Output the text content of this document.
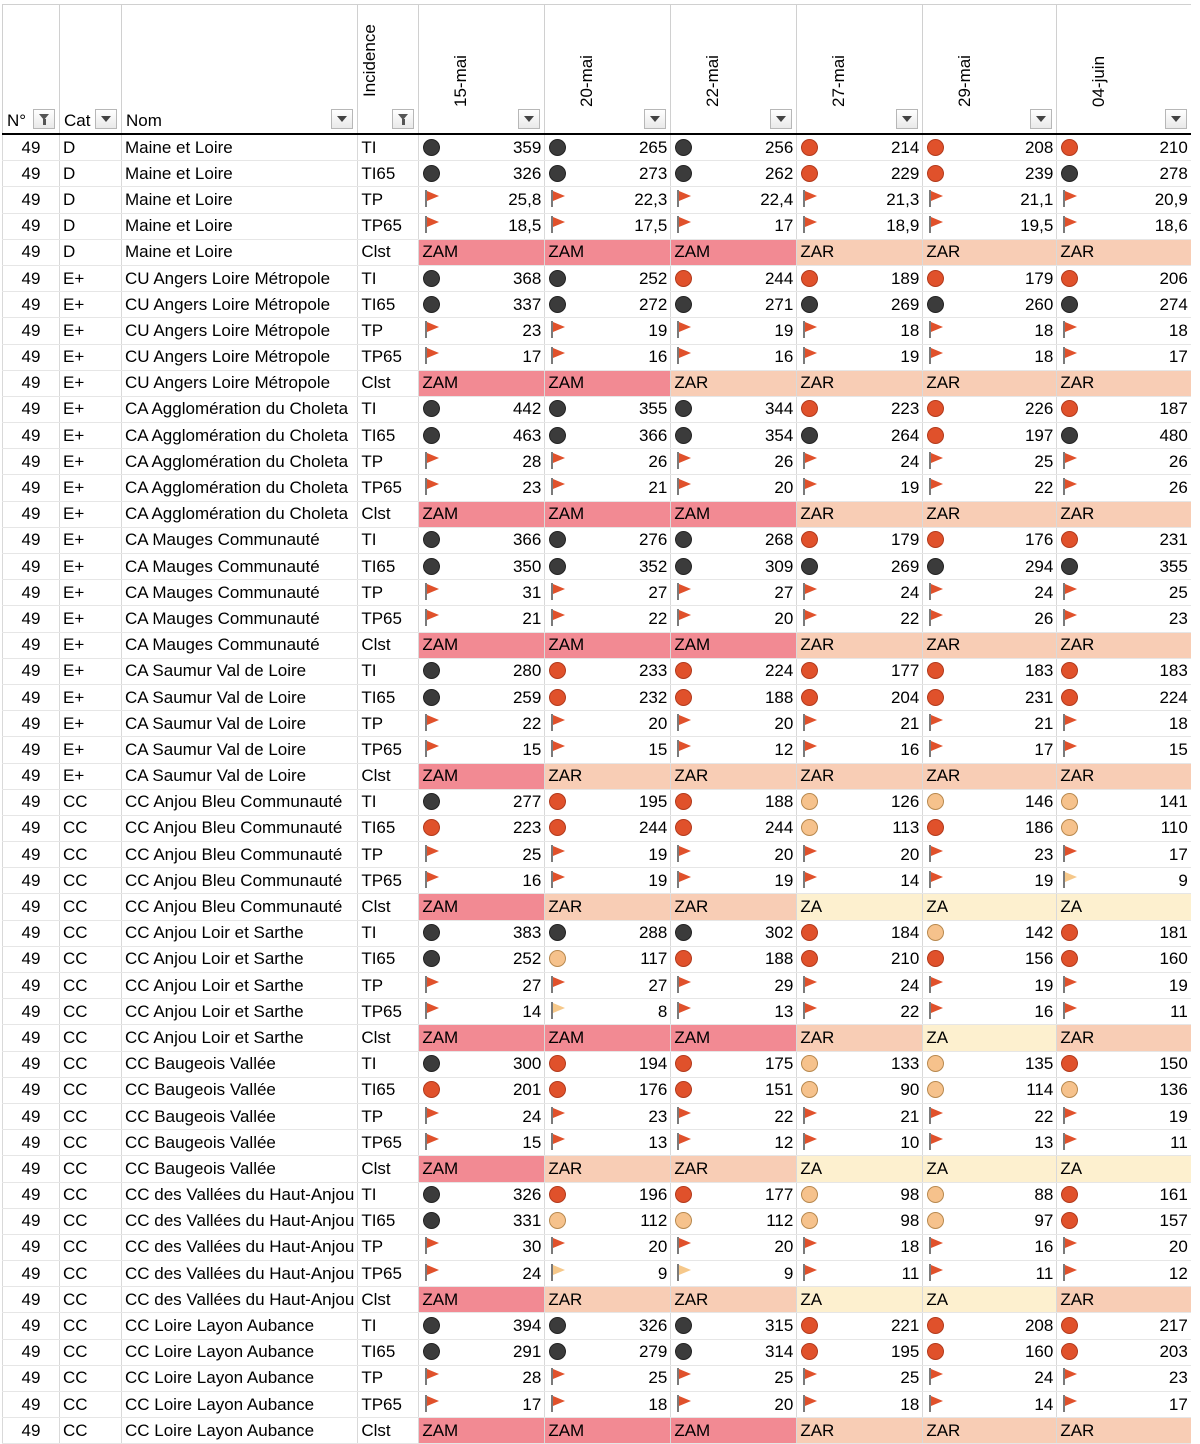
N°	Cat	Nom	Incidence	15-mai	20-mai	22-mai	27-mai	29-mai	04-juin

49	D	Maine et Loire	TI	359	265	256	214	208	210
49	D	Maine et Loire	TI65	326	273	262	229	239	278
49	D	Maine et Loire	TP	25,8	22,3	22,4	21,3	21,1	20,9
49	D	Maine et Loire	TP65	18,5	17,5	17	18,9	19,5	18,6
49	D	Maine et Loire	Clst	ZAM	ZAM	ZAM	ZAR	ZAR	ZAR
49	E+	CU Angers Loire Métropole	TI	368	252	244	189	179	206
49	E+	CU Angers Loire Métropole	TI65	337	272	271	269	260	274
49	E+	CU Angers Loire Métropole	TP	23	19	19	18	18	18
49	E+	CU Angers Loire Métropole	TP65	17	16	16	19	18	17
49	E+	CU Angers Loire Métropole	Clst	ZAM	ZAM	ZAR	ZAR	ZAR	ZAR
49	E+	CA Agglomération du Choleta	TI	442	355	344	223	226	187
49	E+	CA Agglomération du Choleta	TI65	463	366	354	264	197	480
49	E+	CA Agglomération du Choleta	TP	28	26	26	24	25	26
49	E+	CA Agglomération du Choleta	TP65	23	21	20	19	22	26
49	E+	CA Agglomération du Choleta	Clst	ZAM	ZAM	ZAM	ZAR	ZAR	ZAR
49	E+	CA Mauges Communauté	TI	366	276	268	179	176	231
49	E+	CA Mauges Communauté	TI65	350	352	309	269	294	355
49	E+	CA Mauges Communauté	TP	31	27	27	24	24	25
49	E+	CA Mauges Communauté	TP65	21	22	20	22	26	23
49	E+	CA Mauges Communauté	Clst	ZAM	ZAM	ZAM	ZAR	ZAR	ZAR
49	E+	CA Saumur Val de Loire	TI	280	233	224	177	183	183
49	E+	CA Saumur Val de Loire	TI65	259	232	188	204	231	224
49	E+	CA Saumur Val de Loire	TP	22	20	20	21	21	18
49	E+	CA Saumur Val de Loire	TP65	15	15	12	16	17	15
49	E+	CA Saumur Val de Loire	Clst	ZAM	ZAR	ZAR	ZAR	ZAR	ZAR
49	CC	CC Anjou Bleu Communauté	TI	277	195	188	126	146	141
49	CC	CC Anjou Bleu Communauté	TI65	223	244	244	113	186	110
49	CC	CC Anjou Bleu Communauté	TP	25	19	20	20	23	17
49	CC	CC Anjou Bleu Communauté	TP65	16	19	19	14	19	9
49	CC	CC Anjou Bleu Communauté	Clst	ZAM	ZAR	ZAR	ZA	ZA	ZA
49	CC	CC Anjou Loir et Sarthe	TI	383	288	302	184	142	181
49	CC	CC Anjou Loir et Sarthe	TI65	252	117	188	210	156	160
49	CC	CC Anjou Loir et Sarthe	TP	27	27	29	24	19	19
49	CC	CC Anjou Loir et Sarthe	TP65	14	8	13	22	16	11
49	CC	CC Anjou Loir et Sarthe	Clst	ZAM	ZAM	ZAM	ZAR	ZA	ZAR
49	CC	CC Baugeois Vallée	TI	300	194	175	133	135	150
49	CC	CC Baugeois Vallée	TI65	201	176	151	90	114	136
49	CC	CC Baugeois Vallée	TP	24	23	22	21	22	19
49	CC	CC Baugeois Vallée	TP65	15	13	12	10	13	11
49	CC	CC Baugeois Vallée	Clst	ZAM	ZAR	ZAR	ZA	ZA	ZA
49	CC	CC des Vallées du Haut-Anjou	TI	326	196	177	98	88	161
49	CC	CC des Vallées du Haut-Anjou	TI65	331	112	112	98	97	157
49	CC	CC des Vallées du Haut-Anjou	TP	30	20	20	18	16	20
49	CC	CC des Vallées du Haut-Anjou	TP65	24	9	9	11	11	12
49	CC	CC des Vallées du Haut-Anjou	Clst	ZAM	ZAR	ZAR	ZA	ZA	ZAR
49	CC	CC Loire Layon Aubance	TI	394	326	315	221	208	217
49	CC	CC Loire Layon Aubance	TI65	291	279	314	195	160	203
49	CC	CC Loire Layon Aubance	TP	28	25	25	25	24	23
49	CC	CC Loire Layon Aubance	TP65	17	18	20	18	14	17
49	CC	CC Loire Layon Aubance	Clst	ZAM	ZAM	ZAM	ZAR	ZAR	ZAR
